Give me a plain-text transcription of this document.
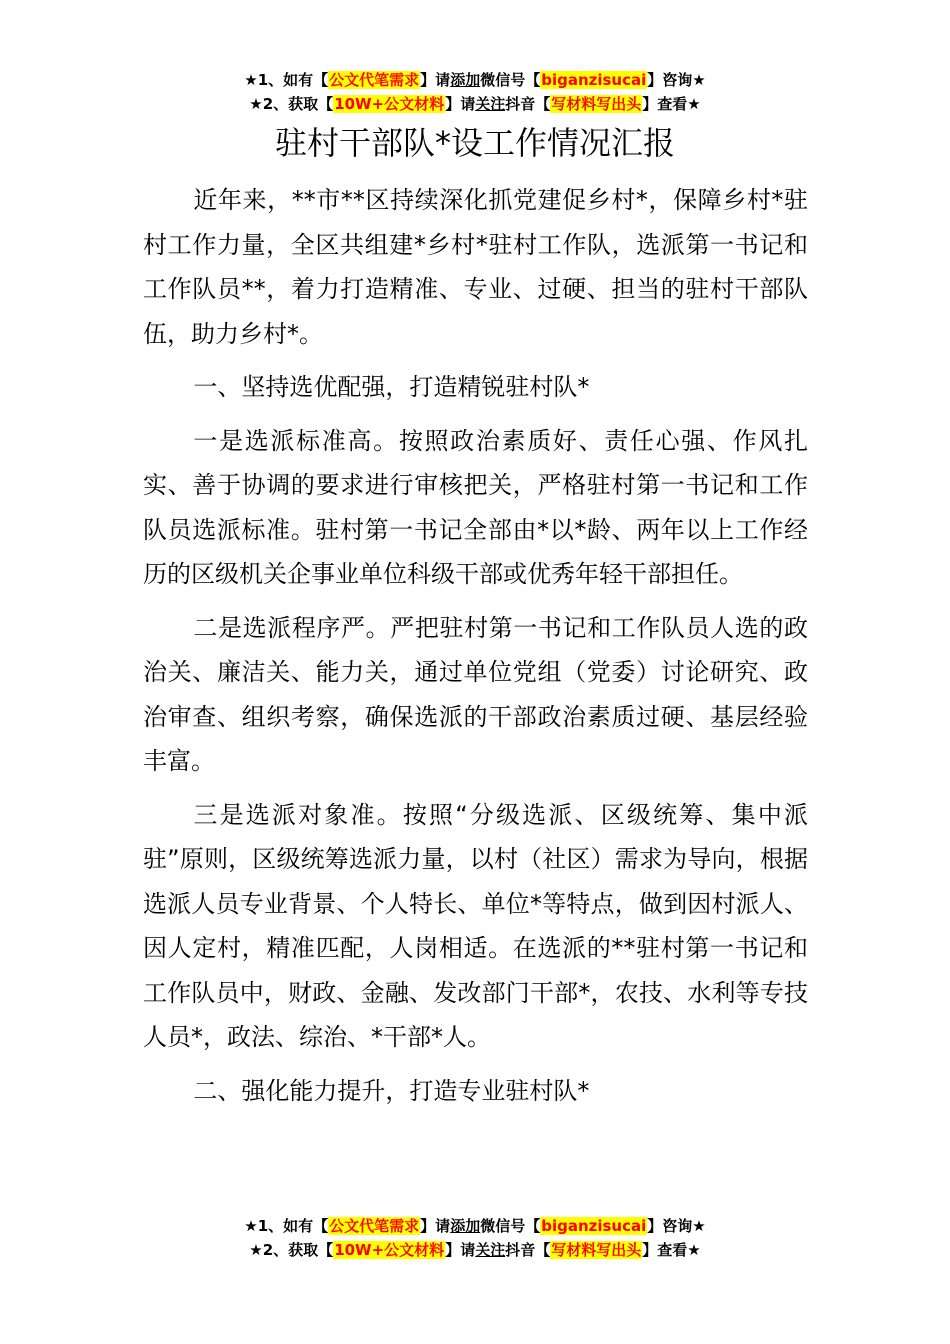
★1、如有【公文代笔需求】请添加微信号【biganzisucai】咨询★
★2、获取【10W+公文材料】请关注抖音【写材料写出头】查看★
驻村干部队*设工作情况汇报

近年来，**市**区持续深化抓党建促乡村*，保障乡村*驻村工作力量，全区共组建*乡村*驻村工作队，选派第一书记和工作队员**，着力打造精准、专业、过硬、担当的驻村干部队伍，助力乡村*。

一、坚持选优配强，打造精锐驻村队*

一是选派标准高。按照政治素质好、责任心强、作风扎实、善于协调的要求进行审核把关，严格驻村第一书记和工作队员选派标准。驻村第一书记全部由*以*龄、两年以上工作经历的区级机关企事业单位科级干部或优秀年轻干部担任。

二是选派程序严。严把驻村第一书记和工作队员人选的政治关、廉洁关、能力关，通过单位党组（党委）讨论研究、政治审查、组织考察，确保选派的干部政治素质过硬、基层经验丰富。

三是选派对象准。按照“分级选派、区级统筹、集中派驻”原则，区级统筹选派力量，以村（社区）需求为导向，根据选派人员专业背景、个人特长、单位*等特点，做到因村派人、因人定村，精准匹配，人岗相适。在选派的**驻村第一书记和工作队员中，财政、金融、发改部门干部*，农技、水利等专技人员*，政法、综治、*干部*人。

二、强化能力提升，打造专业驻村队*

★1、如有【公文代笔需求】请添加微信号【biganzisucai】咨询★
★2、获取【10W+公文材料】请关注抖音【写材料写出头】查看★
